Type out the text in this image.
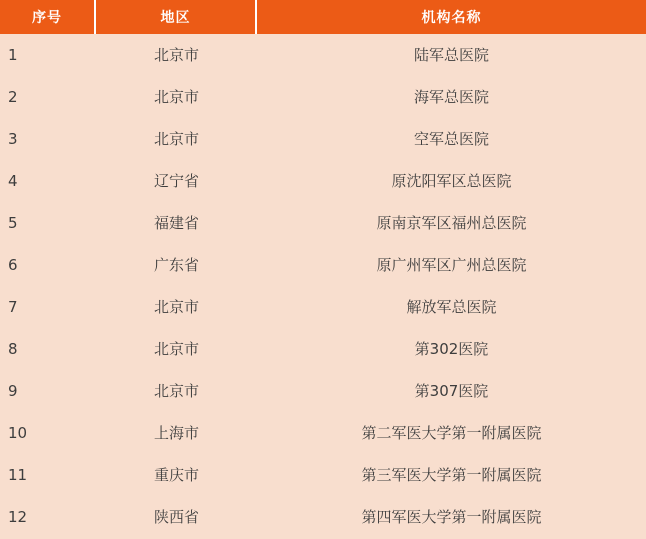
序号	地区	机构名称
1	北京市	陆军总医院
2	北京市	海军总医院
3	北京市	空军总医院
4	辽宁省	原沈阳军区总医院
5	福建省	原南京军区福州总医院
6	广东省	原广州军区广州总医院
7	北京市	解放军总医院
8	北京市	第302医院
9	北京市	第307医院
10	上海市	第二军医大学第一附属医院
11	重庆市	第三军医大学第一附属医院
12	陕西省	第四军医大学第一附属医院
